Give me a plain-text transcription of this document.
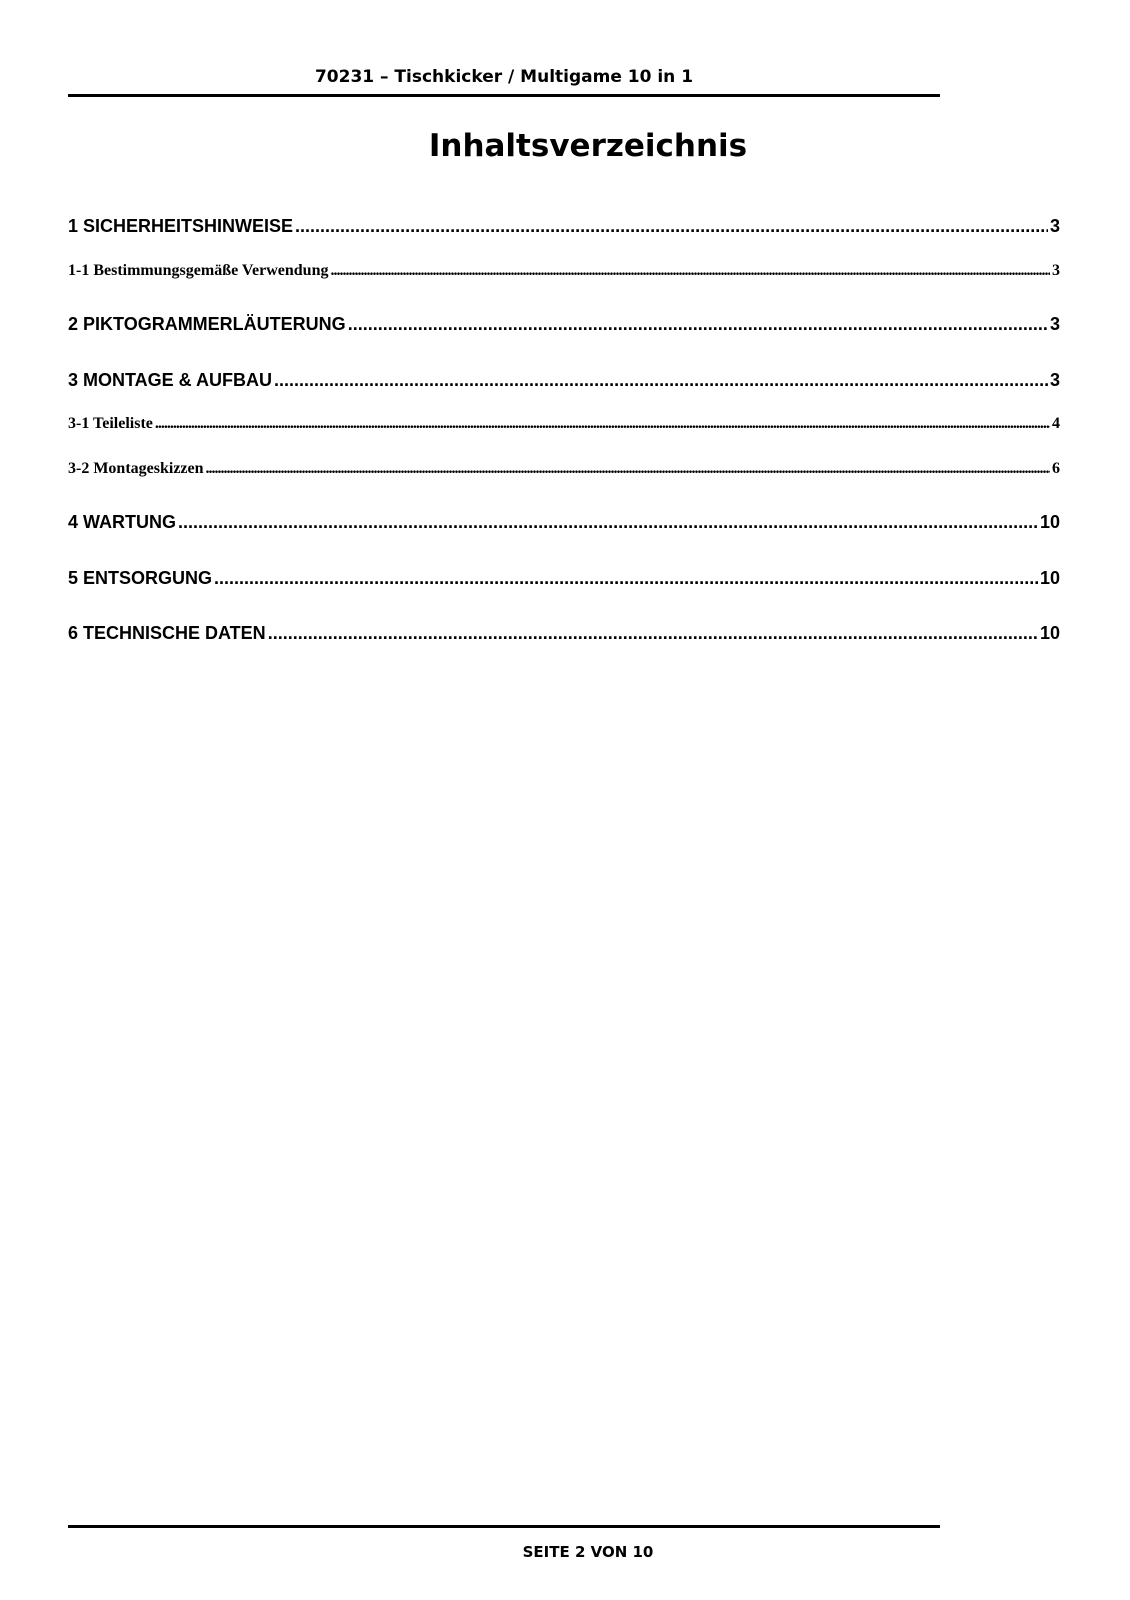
70231 – Tischkicker / Multigame 10 in 1
Inhaltsverzeichnis
1 SICHERHEITSHINWEISE .....	3
1-1 Bestimmungsgemäße Verwendung .....	3
2 PIKTOGRAMMERLÄUTERUNG .....	3
3 MONTAGE & AUFBAU .....	3
3-1 Teileliste .....	4
3-2 Montageskizzen .....	6
4 WARTUNG .....	10
5 ENTSORGUNG .....	10
6 TECHNISCHE DATEN .....	10
SEITE 2 VON 10
